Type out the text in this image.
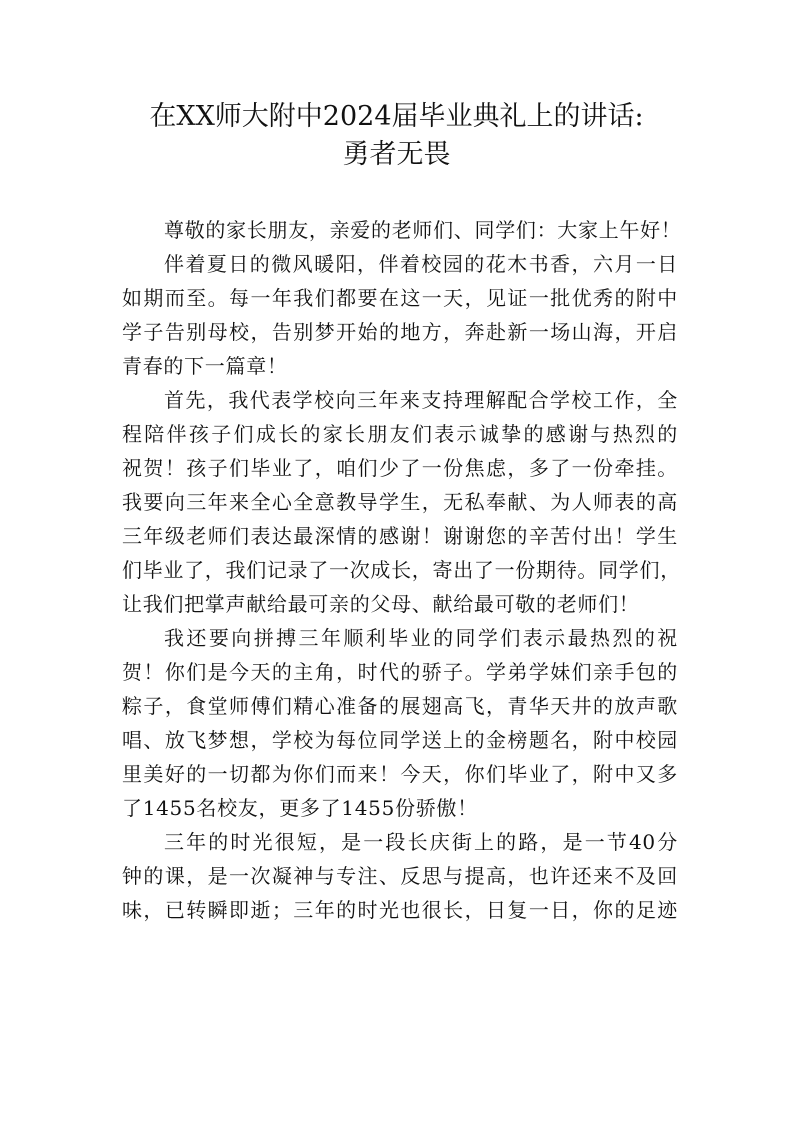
在XX师大附中2024届毕业典礼上的讲话:
勇者无畏
尊敬的家长朋友，亲爱的老师们、同学们：大家上午好！
伴着夏日的微风暖阳，伴着校园的花木书香，六月一日
如期而至。每一年我们都要在这一天，见证一批优秀的附中
学子告别母校，告别梦开始的地方，奔赴新一场山海，开启
青春的下一篇章！
首先，我代表学校向三年来支持理解配合学校工作，全
程陪伴孩子们成长的家长朋友们表示诚挚的感谢与热烈的
祝贺！孩子们毕业了，咱们少了一份焦虑，多了一份牵挂。
我要向三年来全心全意教导学生，无私奉献、为人师表的高
三年级老师们表达最深情的感谢！谢谢您的辛苦付出！学生
们毕业了，我们记录了一次成长，寄出了一份期待。同学们，
让我们把掌声献给最可亲的父母、献给最可敬的老师们！
我还要向拼搏三年顺利毕业的同学们表示最热烈的祝
贺！你们是今天的主角，时代的骄子。学弟学妹们亲手包的
粽子，食堂师傅们精心准备的展翅高飞，青华天井的放声歌
唱、放飞梦想，学校为每位同学送上的金榜题名，附中校园
里美好的一切都为你们而来！今天，你们毕业了，附中又多
了1455名校友，更多了1455份骄傲！
三年的时光很短，是一段长庆街上的路，是一节40分
钟的课，是一次凝神与专注、反思与提高，也许还来不及回
味，已转瞬即逝；三年的时光也很长，日复一日，你的足迹
